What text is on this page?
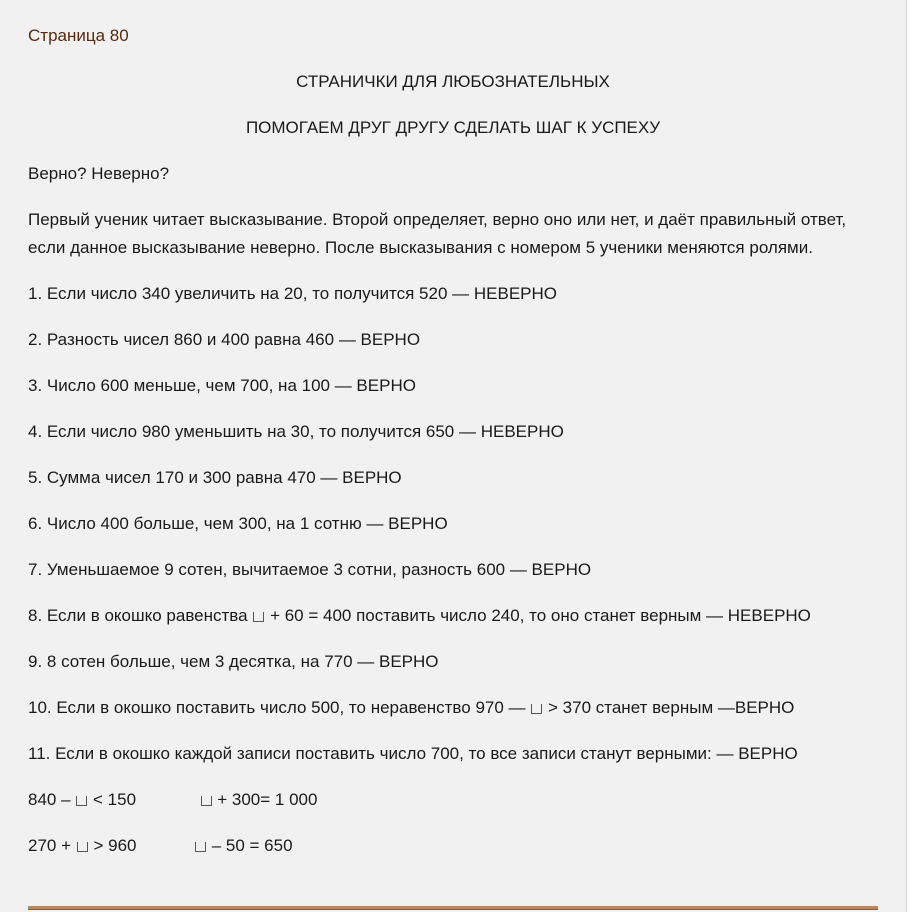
Страница 80

СТРАНИЧКИ ДЛЯ ЛЮБОЗНАТЕЛЬНЫХ

ПОМОГАЕМ ДРУГ ДРУГУ СДЕЛАТЬ ШАГ К УСПЕХУ

Верно? Неверно?

Первый ученик читает высказывание. Второй определяет, верно оно или нет, и даёт правильный ответ, если данное высказывание неверно. После высказывания с номером 5 ученики меняются ролями.

1. Если число 340 увеличить на 20, то получится 520 — НЕВЕРНО

2. Разность чисел 860 и 400 равна 460 — ВЕРНО

3. Число 600 меньше, чем 700, на 100 — ВЕРНО

4. Если число 980 уменьшить на 30, то получится 650 — НЕВЕРНО

5. Сумма чисел 170 и 300 равна 470 — ВЕРНО

6. Число 400 больше, чем 300, на 1 сотню — ВЕРНО

7. Уменьшаемое 9 сотен, вычитаемое 3 сотни, разность 600 — ВЕРНО

8. Если в окошко равенства + 60 = 400 поставить число 240, то оно станет верным — НЕВЕРНО

9. 8 сотен больше, чем 3 десятка, на 770 — ВЕРНО

10. Если в окошко поставить число 500, то неравенство 970 — > 370 станет верным —ВЕРНО

11. Если в окошко каждой записи поставить число 700, то все записи станут верными: — ВЕРНО

840 – < 150	+ 300= 1 000

270 + > 960	– 50 = 650
